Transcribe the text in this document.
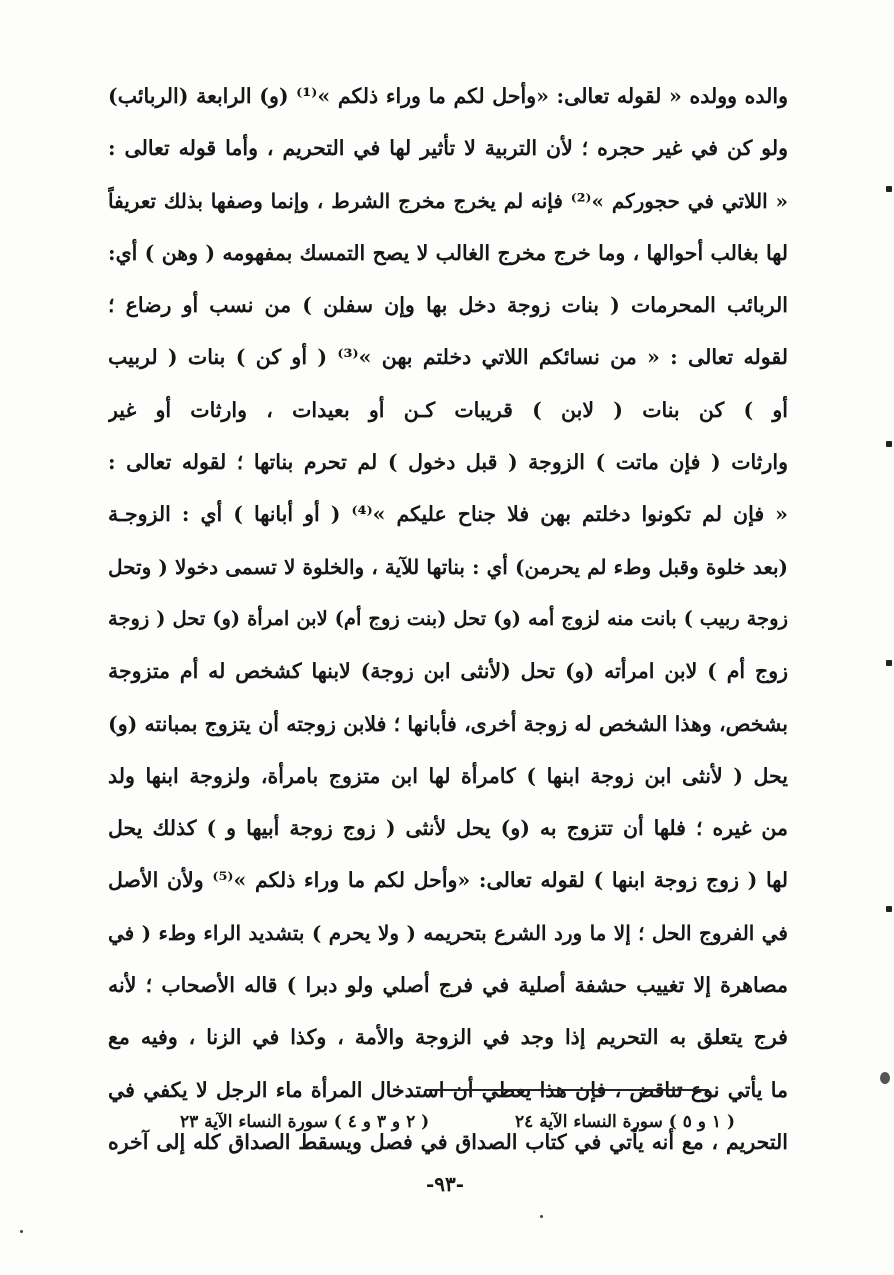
والده وولده « لقوله تعالى: «وأحل لكم ما وراء ذلكم »⁽¹⁾ (و) الرابعة (الربائب)
ولو كن في غير حجره ؛ لأن التربية لا تأثير لها في التحريم ، وأما قوله تعالى :
« اللاتي في حجوركم »⁽²⁾ فإنه لم يخرج مخرج الشرط ، وإنما وصفها بذلك تعريفاً
لها بغالب أحوالها ، وما خرج مخرج الغالب لا يصح التمسك بمفهومه ( وهن ) أي:
الربائب المحرمات ( بنات زوجة دخل بها وإن سفلن ) من نسب أو رضاع ؛
لقوله تعالى : « من نسائكم اللاتي دخلتم بهن »⁽³⁾ ( أو كن ) بنات ( لربيب
أو ) كن بنات ( لابن ) قريبات كـن أو بعيدات ، وارثات أو غير
وارثات ( فإن ماتت ) الزوجة ( قبل دخول ) لم تحرم بناتها ؛ لقوله تعالى :
« فإن لم تكونوا دخلتم بهن فلا جناح عليكم »⁽⁴⁾ ( أو أبانها ) أي : الزوجـة
(بعد خلوة وقبل وطء لم يحرمن) أي : بناتها للآية ، والخلوة لا تسمى دخولا ( وتحل
زوجة ربيب ) بانت منه لزوج أمه (و) تحل (بنت زوج أم) لابن امرأة (و) تحل ( زوجة
زوج أم ) لابن امرأته (و) تحل (لأنثى ابن زوجة) لابنها كشخص له أم متزوجة
بشخص، وهذا الشخص له زوجة أخرى، فأبانها ؛ فلابن زوجته أن يتزوج بمبانته (و)
يحل ( لأنثى ابن زوجة ابنها ) كامرأة لها ابن متزوج بامرأة، ولزوجة ابنها ولد
من غيره ؛ فلها أن تتزوج به (و) يحل لأنثى ( زوج زوجة أبيها و ) كذلك يحل
لها ( زوج زوجة ابنها ) لقوله تعالى: «وأحل لكم ما وراء ذلكم »⁽⁵⁾ ولأن الأصل
في الفروج الحل ؛ إلا ما ورد الشرع بتحريمه ( ولا يحرم ) بتشديد الراء وطء ( في
مصاهرة إلا تغييب حشفة أصلية في فرج أصلي ولو دبرا ) قاله الأصحاب ؛ لأنه
فرج يتعلق به التحريم إذا وجد في الزوجة والأمة ، وكذا في الزنا ، وفيه مع
ما يأتي نوع تناقض ، فإن هذا يعطي أن استدخال المرأة ماء الرجل لا يكفي في
التحريم ، مع أنه يأتي في كتاب الصداق في فصل ويسقط الصداق كله إلى آخره
( ١ و ٥ ) سورة النساء الآية ٢٤
( ٢ و ٣ و ٤ ) سورة النساء الآية ٢٣
-٩٣-
